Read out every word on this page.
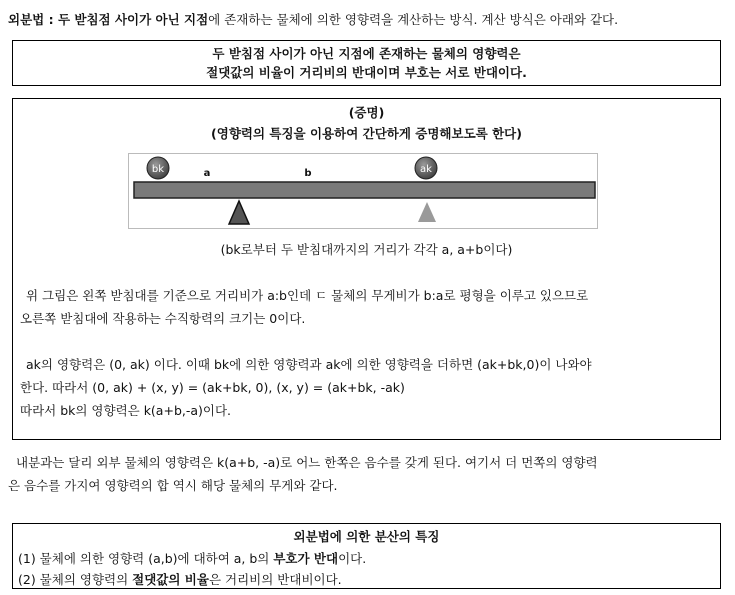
외분법 : 두 받침점 사이가 아닌 지점에 존재하는 물체에 의한 영향력을 계산하는 방식. 계산 방식은 아래와 같다.
두 받침점 사이가 아닌 지점에 존재하는 물체의 영향력은
절댓값의 비율이 거리비의 반대이며 부호는 서로 반대이다.
(증명)
(영향력의 특징을 이용하여 간단하게 증명해보도록 한다)
bk	ak
a	b
(bk로부터 두 받침대까지의 거리가 각각 a, a+b이다)
위 그림은 왼쪽 받침대를 기준으로 거리비가 a:b인데 ㄷ 물체의 무게비가 b:a로 평형을 이루고 있으므로
오른쪽 받침대에 작용하는 수직항력의 크기는 0이다.
ak의 영향력은 (0, ak) 이다. 이때 bk에 의한 영향력과 ak에 의한 영향력을 더하면 (ak+bk,0)이 나와야
한다. 따라서 (0, ak) + (x, y) = (ak+bk, 0), (x, y) = (ak+bk, -ak)
따라서 bk의 영향력은 k(a+b,-a)이다.
내분과는 달리 외부 물체의 영향력은 k(a+b, -a)로 어느 한쪽은 음수를 갖게 된다. 여기서 더 먼쪽의 영향력
은 음수를 가지여 영향력의 합 역시 해당 물체의 무게와 같다.
외분법에 의한 분산의 특징
(1) 물체에 의한 영향력 (a,b)에 대하여 a, b의 부호가 반대이다.
(2) 물체의 영향력의 절댓값의 비율은 거리비의 반대비이다.
